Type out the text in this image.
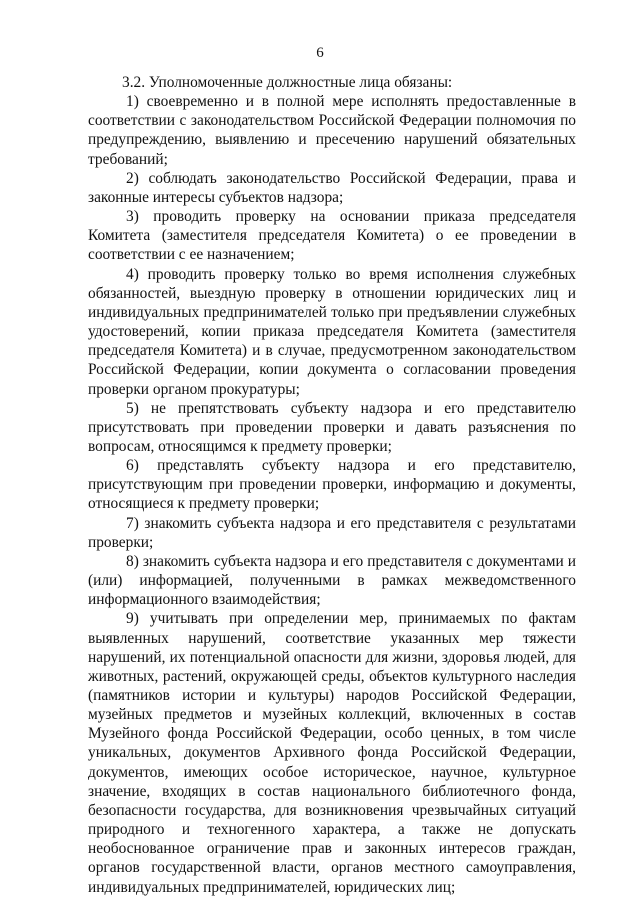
6

3.2. Уполномоченные должностные лица обязаны:

1) своевременно и в полной мере исполнять предоставленные в соответствии с законодательством Российской Федерации полномочия по предупреждению, выявлению и пресечению нарушений обязательных требований;

2) соблюдать законодательство Российской Федерации, права и законные интересы субъектов надзора;

3) проводить проверку на основании приказа председателя Комитета (заместителя председателя Комитета) о ее проведении в соответствии с ее назначением;

4) проводить проверку только во время исполнения служебных обязанностей, выездную проверку в отношении юридических лиц и индивидуальных предпринимателей только при предъявлении служебных удостоверений, копии приказа председателя Комитета (заместителя председателя Комитета) и в случае, предусмотренном законодательством Российской Федерации, копии документа о согласовании проведения проверки органом прокуратуры;

5) не препятствовать субъекту надзора и его представителю присутствовать при проведении проверки и давать разъяснения по вопросам, относящимся к предмету проверки;

6) представлять субъекту надзора и его представителю, присутствующим при проведении проверки, информацию и документы, относящиеся к предмету проверки;

7) знакомить субъекта надзора и его представителя с результатами проверки;

8) знакомить субъекта надзора и его представителя с документами и (или) информацией, полученными в рамках межведомственного информационного взаимодействия;

9) учитывать при определении мер, принимаемых по фактам выявленных нарушений, соответствие указанных мер тяжести нарушений, их потенциальной опасности для жизни, здоровья людей, для животных, растений, окружающей среды, объектов культурного наследия (памятников истории и культуры) народов Российской Федерации, музейных предметов и музейных коллекций, включенных в состав Музейного фонда Российской Федерации, особо ценных, в том числе уникальных, документов Архивного фонда Российской Федерации, документов, имеющих особое историческое, научное, культурное значение, входящих в состав национального библиотечного фонда, безопасности государства, для возникновения чрезвычайных ситуаций природного и техногенного характера, а также не допускать необоснованное ограничение прав и законных интересов граждан, органов государственной власти, органов местного самоуправления, индивидуальных предпринимателей, юридических лиц;
